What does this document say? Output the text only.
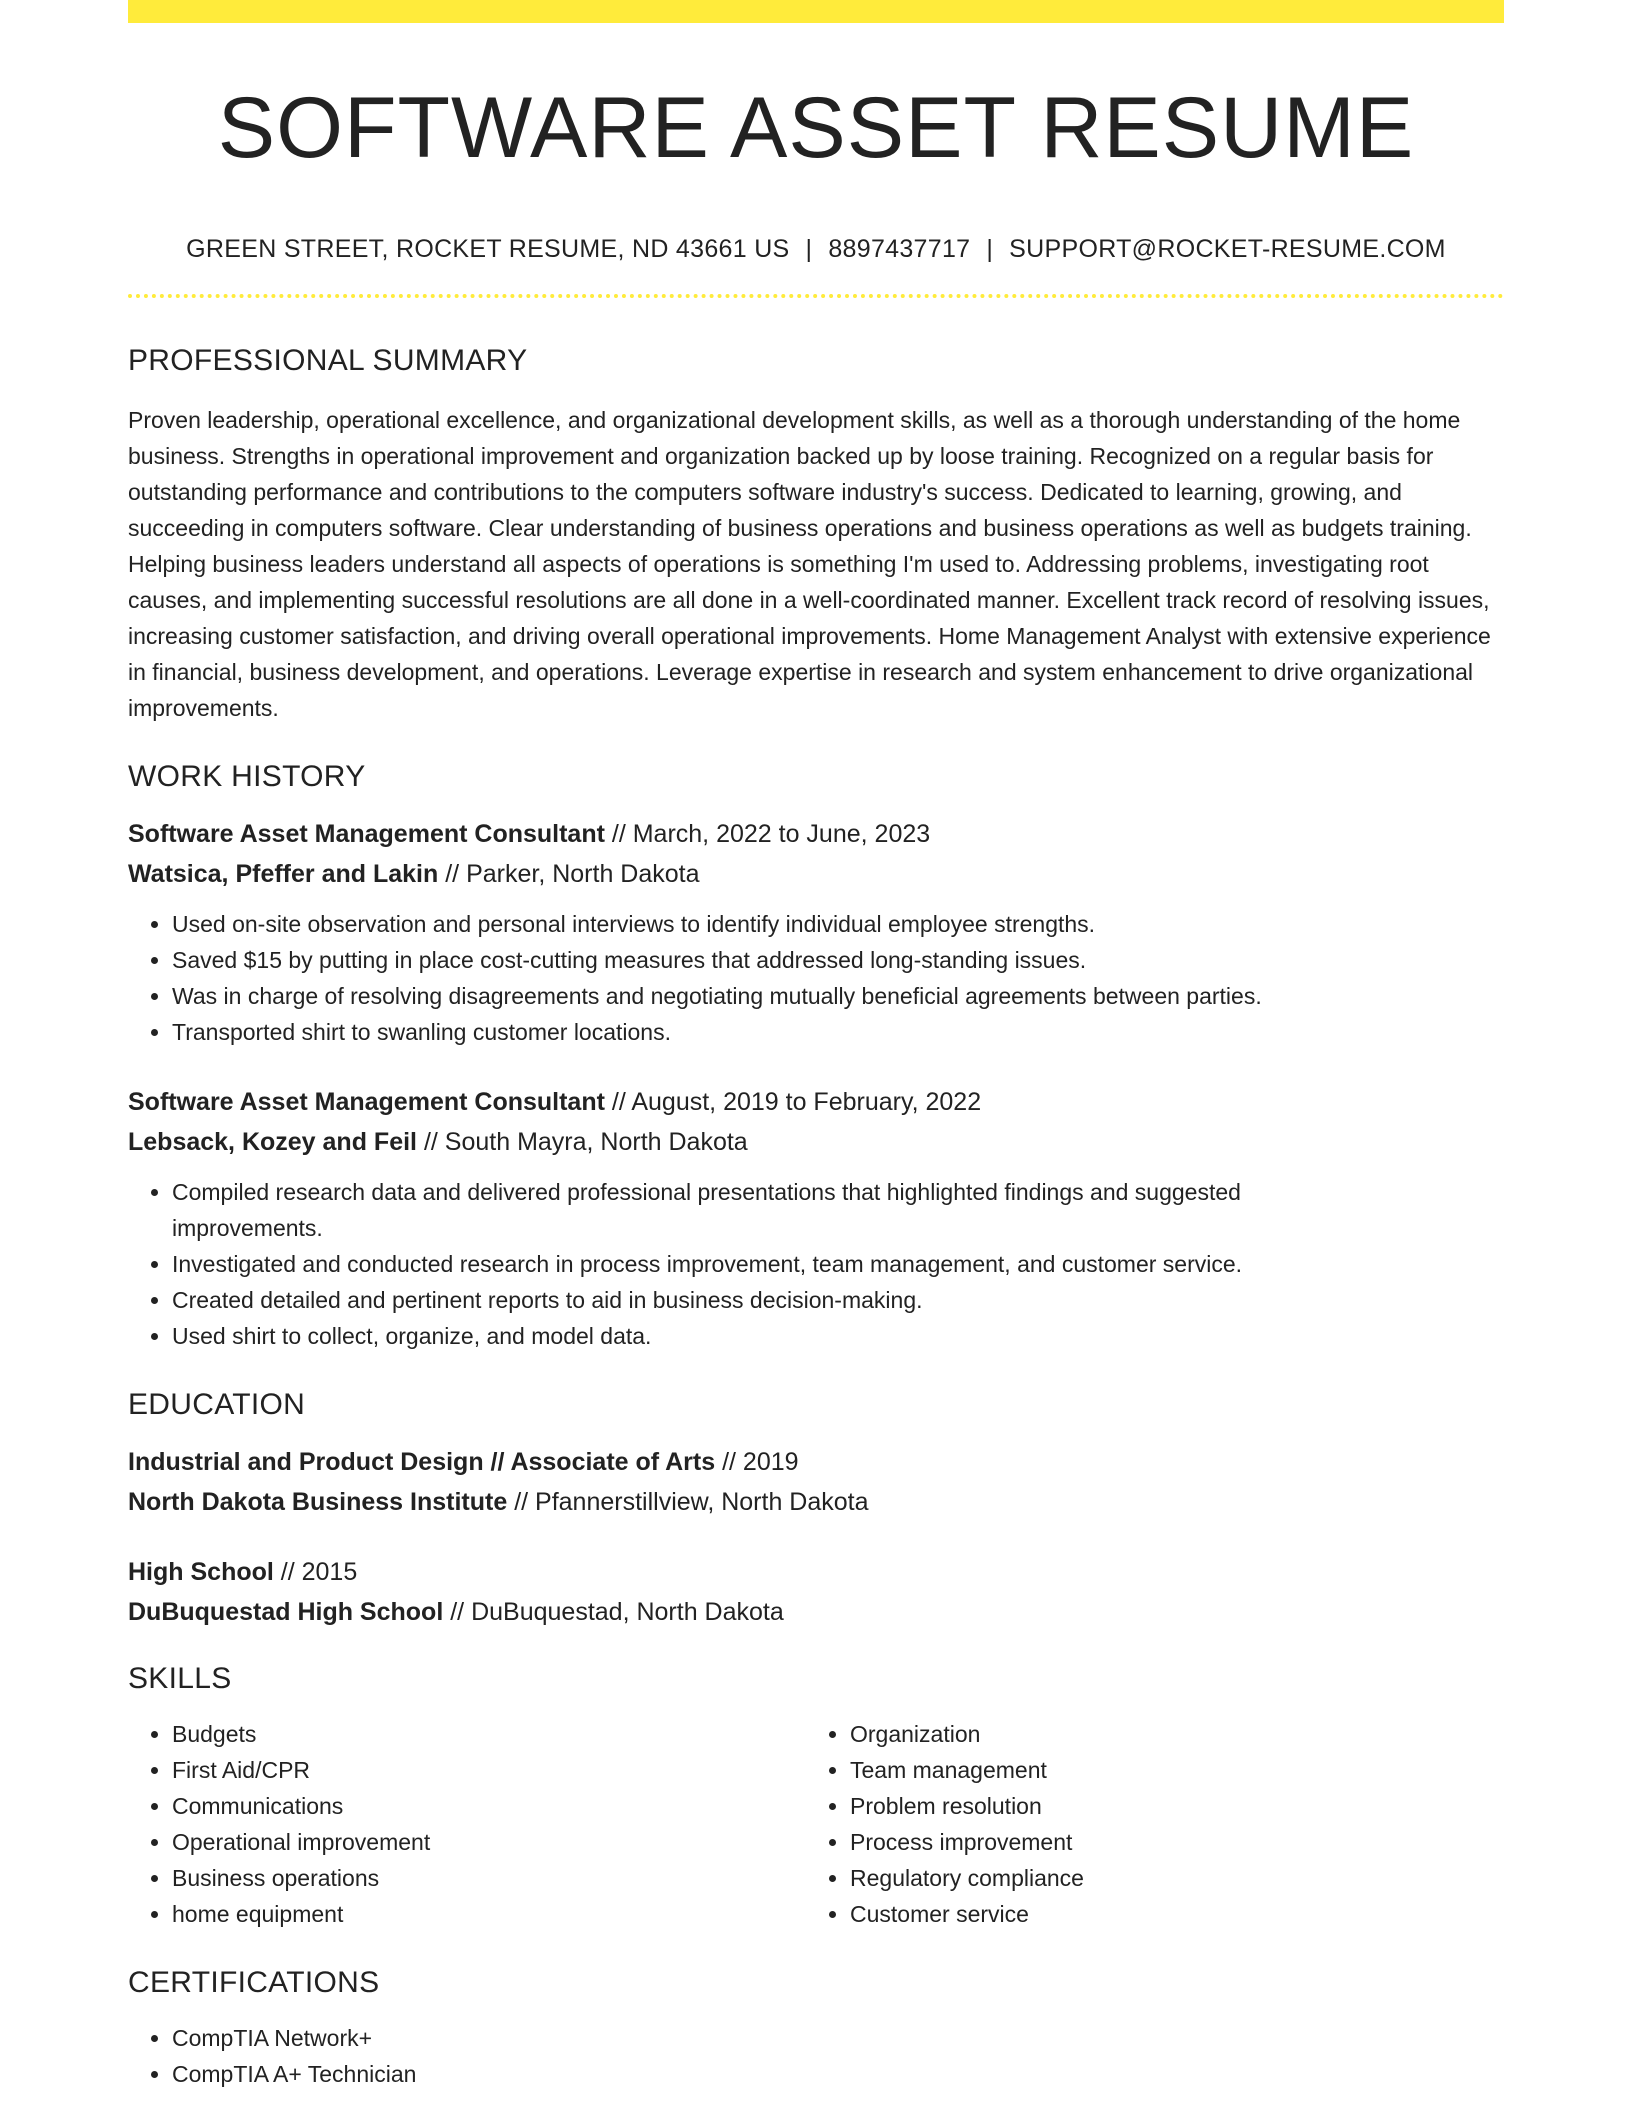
SOFTWARE ASSET RESUME
GREEN STREET, ROCKET RESUME, ND 43661 US | 8897437717 | SUPPORT@ROCKET-RESUME.COM
PROFESSIONAL SUMMARY

Proven leadership, operational excellence, and organizational development skills, as well as a thorough understanding of the home business. Strengths in operational improvement and organization backed up by loose training. Recognized on a regular basis for outstanding performance and contributions to the computers software industry's success. Dedicated to learning, growing, and succeeding in computers software. Clear understanding of business operations and business operations as well as budgets training. Helping business leaders understand all aspects of operations is something I'm used to. Addressing problems, investigating root causes, and implementing successful resolutions are all done in a well-coordinated manner. Excellent track record of resolving issues, increasing customer satisfaction, and driving overall operational improvements. Home Management Analyst with extensive experience in financial, business development, and operations. Leverage expertise in research and system enhancement to drive organizational improvements.

WORK HISTORY

Software Asset Management Consultant // March, 2022 to June, 2023

Watsica, Pfeffer and Lakin // Parker, North Dakota

• Used on-site observation and personal interviews to identify individual employee strengths.
• Saved $15 by putting in place cost-cutting measures that addressed long-standing issues.
• Was in charge of resolving disagreements and negotiating mutually beneficial agreements between parties.
• Transported shirt to swanling customer locations.

Software Asset Management Consultant // August, 2019 to February, 2022

Lebsack, Kozey and Feil // South Mayra, North Dakota

• Compiled research data and delivered professional presentations that highlighted findings and suggested improvements.
• Investigated and conducted research in process improvement, team management, and customer service.
• Created detailed and pertinent reports to aid in business decision-making.
• Used shirt to collect, organize, and model data.
EDUCATION

Industrial and Product Design // Associate of Arts // 2019

North Dakota Business Institute // Pfannerstillview, North Dakota

High School // 2015

DuBuquestad High School // DuBuquestad, North Dakota

SKILLS
• Budgets
• First Aid/CPR
• Communications
• Operational improvement
• Business operations
• home equipment
• Organization
• Team management
• Problem resolution
• Process improvement
• Regulatory compliance
• Customer service
CERTIFICATIONS
• CompTIA Network+
• CompTIA A+ Technician
